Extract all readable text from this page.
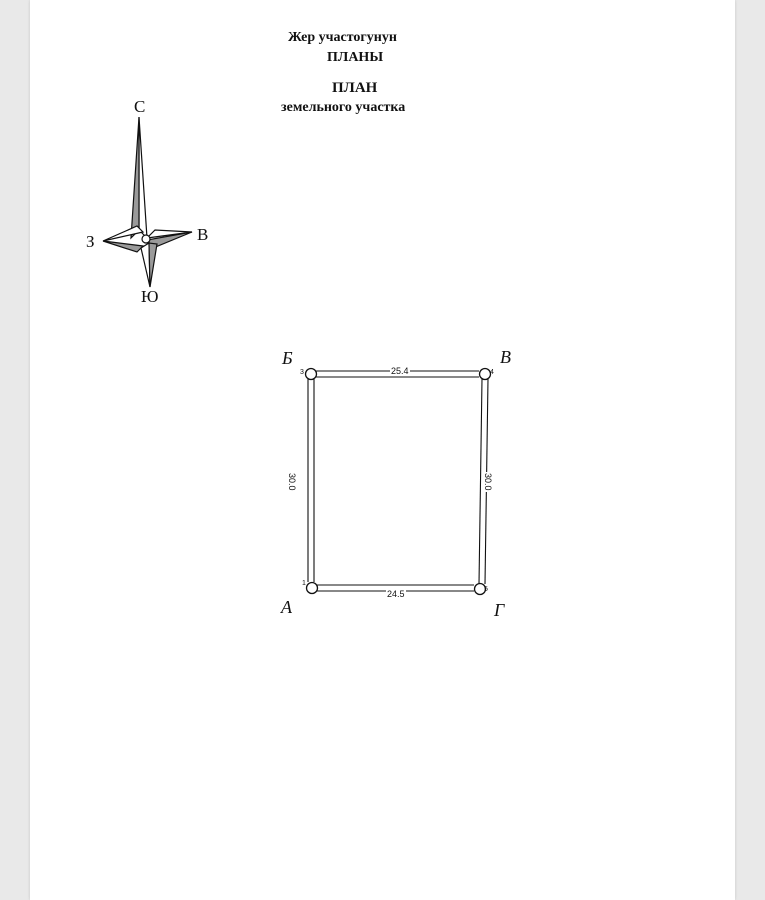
Жер участогунун
ПЛАНЫ
ПЛАН
земельного участка
С
З	В
Ю
Б	В
А	Г
3	4
1
5
25.4
24.5
30.0	30.0
